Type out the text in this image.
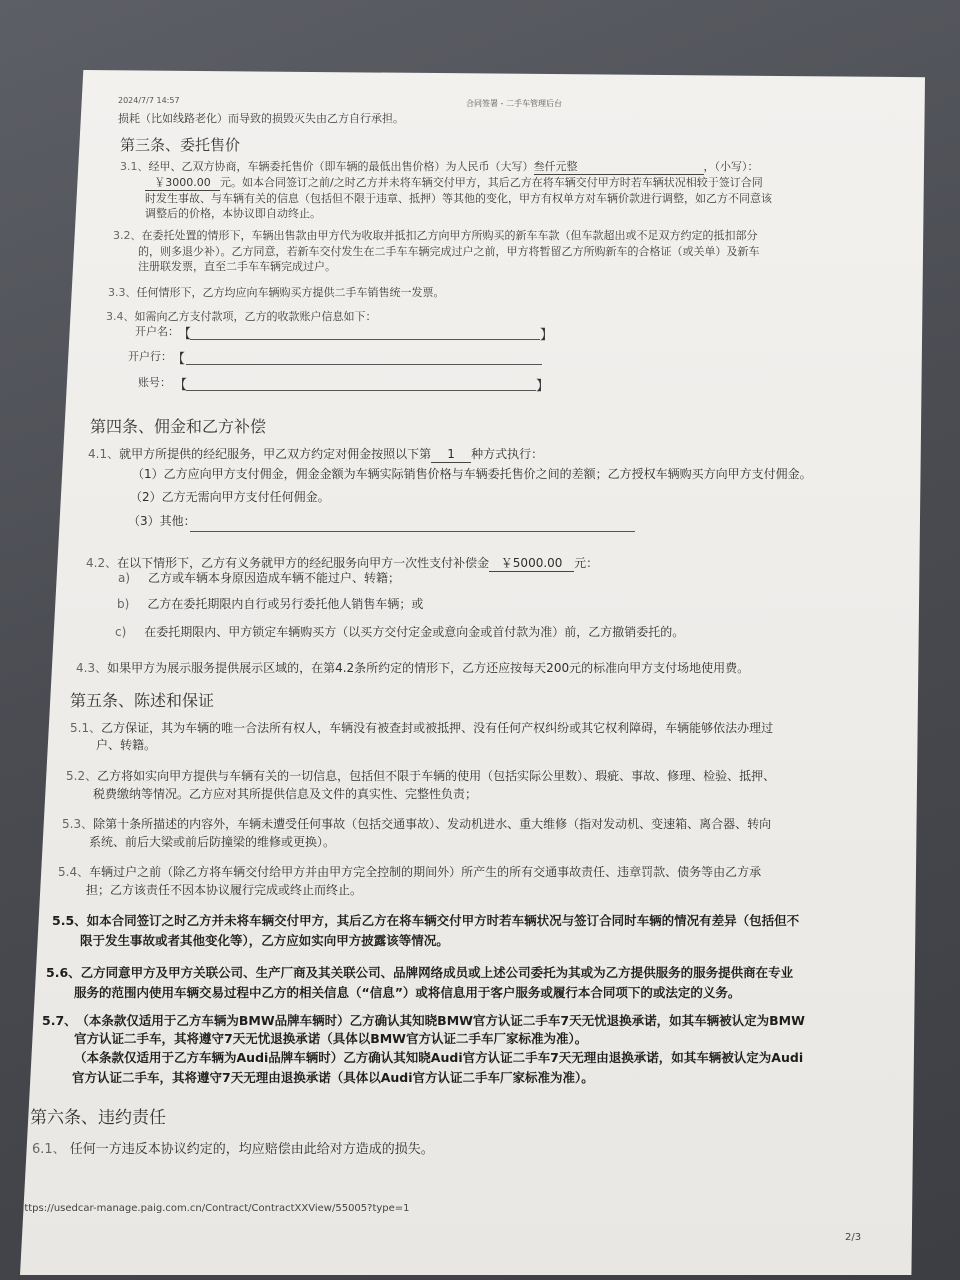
2024/7/7 14:57	合同签署 - 二手车管理后台
损耗（比如线路老化）而导致的损毁灭失由乙方自行承担。
第三条、委托售价
3.1、经甲、乙双方协商，车辆委托售价（即车辆的最低出售价格）为人民币（大写）叁仟元整	，（小写）：
￥3000.00 元。如本合同签订之前/之时乙方并未将车辆交付甲方，其后乙方在将车辆交付甲方时若车辆状况相较于签订合同
时发生事故、与车辆有关的信息（包括但不限于违章、抵押）等其他的变化，甲方有权单方对车辆价款进行调整，如乙方不同意该
调整后的价格，本协议即自动终止。
3.2、在委托处置的情形下，车辆出售款由甲方代为收取并抵扣乙方向甲方所购买的新车车款（但车款超出或不足双方约定的抵扣部分
的，则多退少补）。乙方同意，若新车交付发生在二手车车辆完成过户之前，甲方将暂留乙方所购新车的合格证（或关单）及新车
注册联发票，直至二手车车辆完成过户。
3.3、任何情形下，乙方均应向车辆购买方提供二手车销售统一发票。
3.4、如需向乙方支付款项，乙方的收款账户信息如下：
开户名： 【	】
开户行： 【
账号： 【	】
第四条、佣金和乙方补偿
4.1、就甲方所提供的经纪服务，甲乙双方约定对佣金按照以下第 1 种方式执行：
（1）乙方应向甲方支付佣金，佣金金额为车辆实际销售价格与车辆委托售价之间的差额；乙方授权车辆购买方向甲方支付佣金。
（2）乙方无需向甲方支付任何佣金。
（3）其他：
4.2、在以下情形下，乙方有义务就甲方的经纪服务向甲方一次性支付补偿金 ￥5000.00 元：
a) 乙方或车辆本身原因造成车辆不能过户、转籍；
b) 乙方在委托期限内自行或另行委托他人销售车辆；或
c) 在委托期限内、甲方锁定车辆购买方（以买方交付定金或意向金或首付款为准）前，乙方撤销委托的。
4.3、如果甲方为展示服务提供展示区域的，在第4.2条所约定的情形下，乙方还应按每天200元的标准向甲方支付场地使用费。
第五条、陈述和保证
5.1、乙方保证，其为车辆的唯一合法所有权人，车辆没有被查封或被抵押、没有任何产权纠纷或其它权利障碍，车辆能够依法办理过
户、转籍。
5.2、乙方将如实向甲方提供与车辆有关的一切信息，包括但不限于车辆的使用（包括实际公里数）、瑕疵、事故、修理、检验、抵押、
税费缴纳等情况。乙方应对其所提供信息及文件的真实性、完整性负责；
5.3、除第十条所描述的内容外，车辆未遭受任何事故（包括交通事故）、发动机进水、重大维修（指对发动机、变速箱、离合器、转向
系统、前后大梁或前后防撞梁的维修或更换）。
5.4、车辆过户之前（除乙方将车辆交付给甲方并由甲方完全控制的期间外）所产生的所有交通事故责任、违章罚款、债务等由乙方承
担；乙方该责任不因本协议履行完成或终止而终止。
5.5、如本合同签订之时乙方并未将车辆交付甲方，其后乙方在将车辆交付甲方时若车辆状况与签订合同时车辆的情况有差异（包括但不
限于发生事故或者其他变化等），乙方应如实向甲方披露该等情况。
5.6、乙方同意甲方及甲方关联公司、生产厂商及其关联公司、品牌网络成员或上述公司委托为其或为乙方提供服务的服务提供商在专业
服务的范围内使用车辆交易过程中乙方的相关信息（“信息”）或将信息用于客户服务或履行本合同项下的或法定的义务。
5.7、 （本条款仅适用于乙方车辆为BMW品牌车辆时）乙方确认其知晓BMW官方认证二手车7天无忧退换承诺，如其车辆被认定为BMW
官方认证二手车，其将遵守7天无忧退换承诺（具体以BMW官方认证二手车厂家标准为准）。
（本条款仅适用于乙方车辆为Audi品牌车辆时）乙方确认其知晓Audi官方认证二手车7天无理由退换承诺，如其车辆被认定为Audi
官方认证二手车，其将遵守7天无理由退换承诺（具体以Audi官方认证二手车厂家标准为准）。
第六条、违约责任
6.1、 任何一方违反本协议约定的，均应赔偿由此给对方造成的损失。
https://usedcar-manage.paig.com.cn/Contract/ContractXXView/55005?type=1
2/3
